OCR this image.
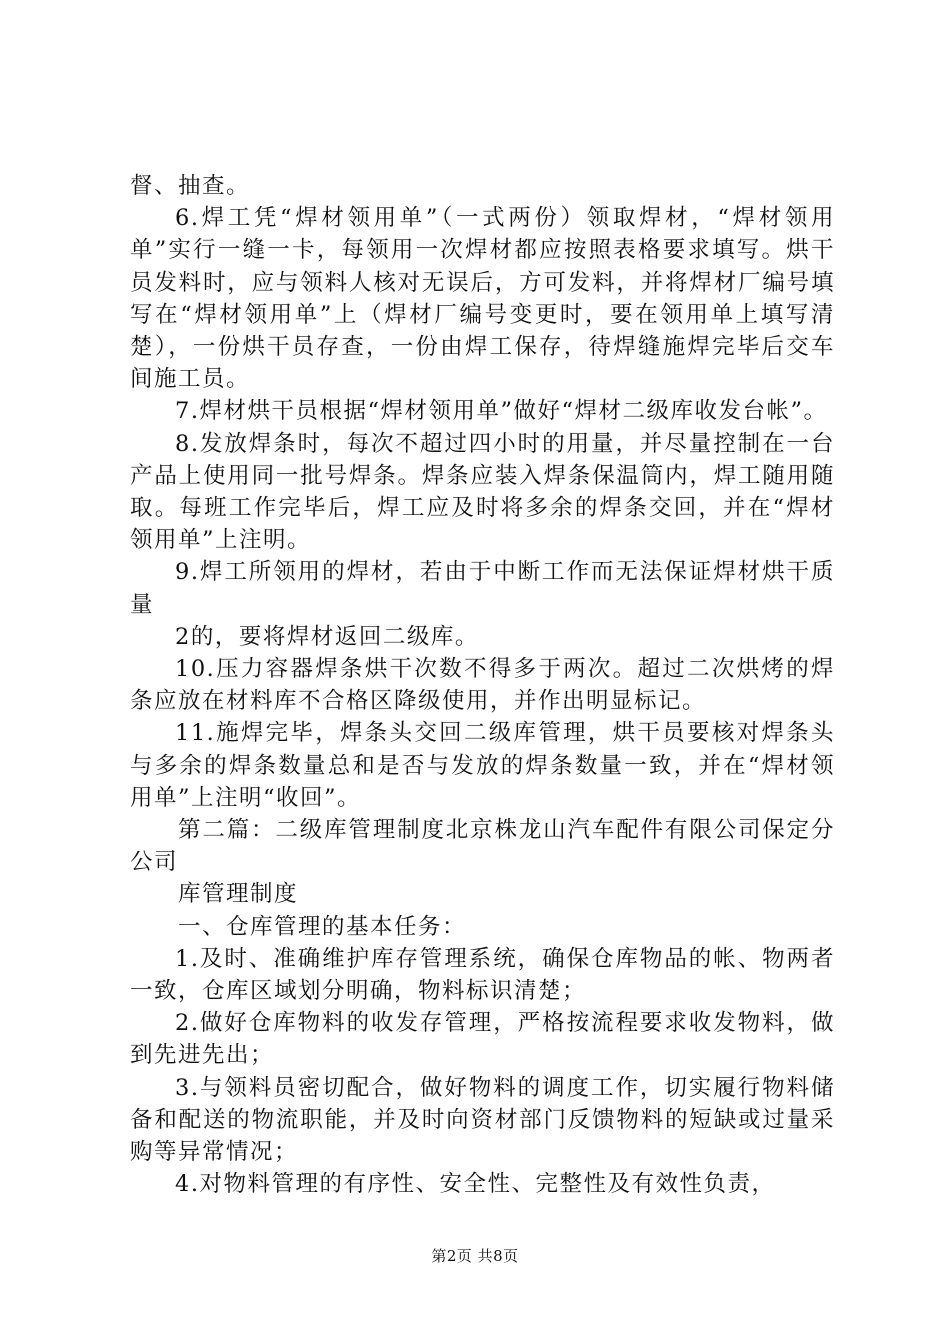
督、抽查。

6.焊工凭“焊材领用单”（一式两份）领取焊材，“焊材领用单”实行一缝一卡，每领用一次焊材都应按照表格要求填写。烘干员发料时，应与领料人核对无误后，方可发料，并将焊材厂编号填写在“焊材领用单”上（焊材厂编号变更时，要在领用单上填写清楚），一份烘干员存查，一份由焊工保存，待焊缝施焊完毕后交车间施工员。

7.焊材烘干员根据“焊材领用单”做好“焊材二级库收发台帐”。

8.发放焊条时，每次不超过四小时的用量，并尽量控制在一台产品上使用同一批号焊条。焊条应装入焊条保温筒内，焊工随用随取。每班工作完毕后，焊工应及时将多余的焊条交回，并在“焊材领用单”上注明。

9.焊工所领用的焊材，若由于中断工作而无法保证焊材烘干质量

2的，要将焊材返回二级库。

10.压力容器焊条烘干次数不得多于两次。超过二次烘烤的焊条应放在材料库不合格区降级使用，并作出明显标记。

11.施焊完毕，焊条头交回二级库管理，烘干员要核对焊条头与多余的焊条数量总和是否与发放的焊条数量一致，并在“焊材领用单”上注明“收回”。

第二篇：二级库管理制度北京株龙山汽车配件有限公司保定分公司

库管理制度

一、仓库管理的基本任务：

1.及时、准确维护库存管理系统，确保仓库物品的帐、物两者一致，仓库区域划分明确，物料标识清楚；

2.做好仓库物料的收发存管理，严格按流程要求收发物料，做到先进先出；

3.与领料员密切配合，做好物料的调度工作，切实履行物料储备和配送的物流职能，并及时向资材部门反馈物料的短缺或过量采购等异常情况；

4.对物料管理的有序性、安全性、完整性及有效性负责，

第2页 共8页
